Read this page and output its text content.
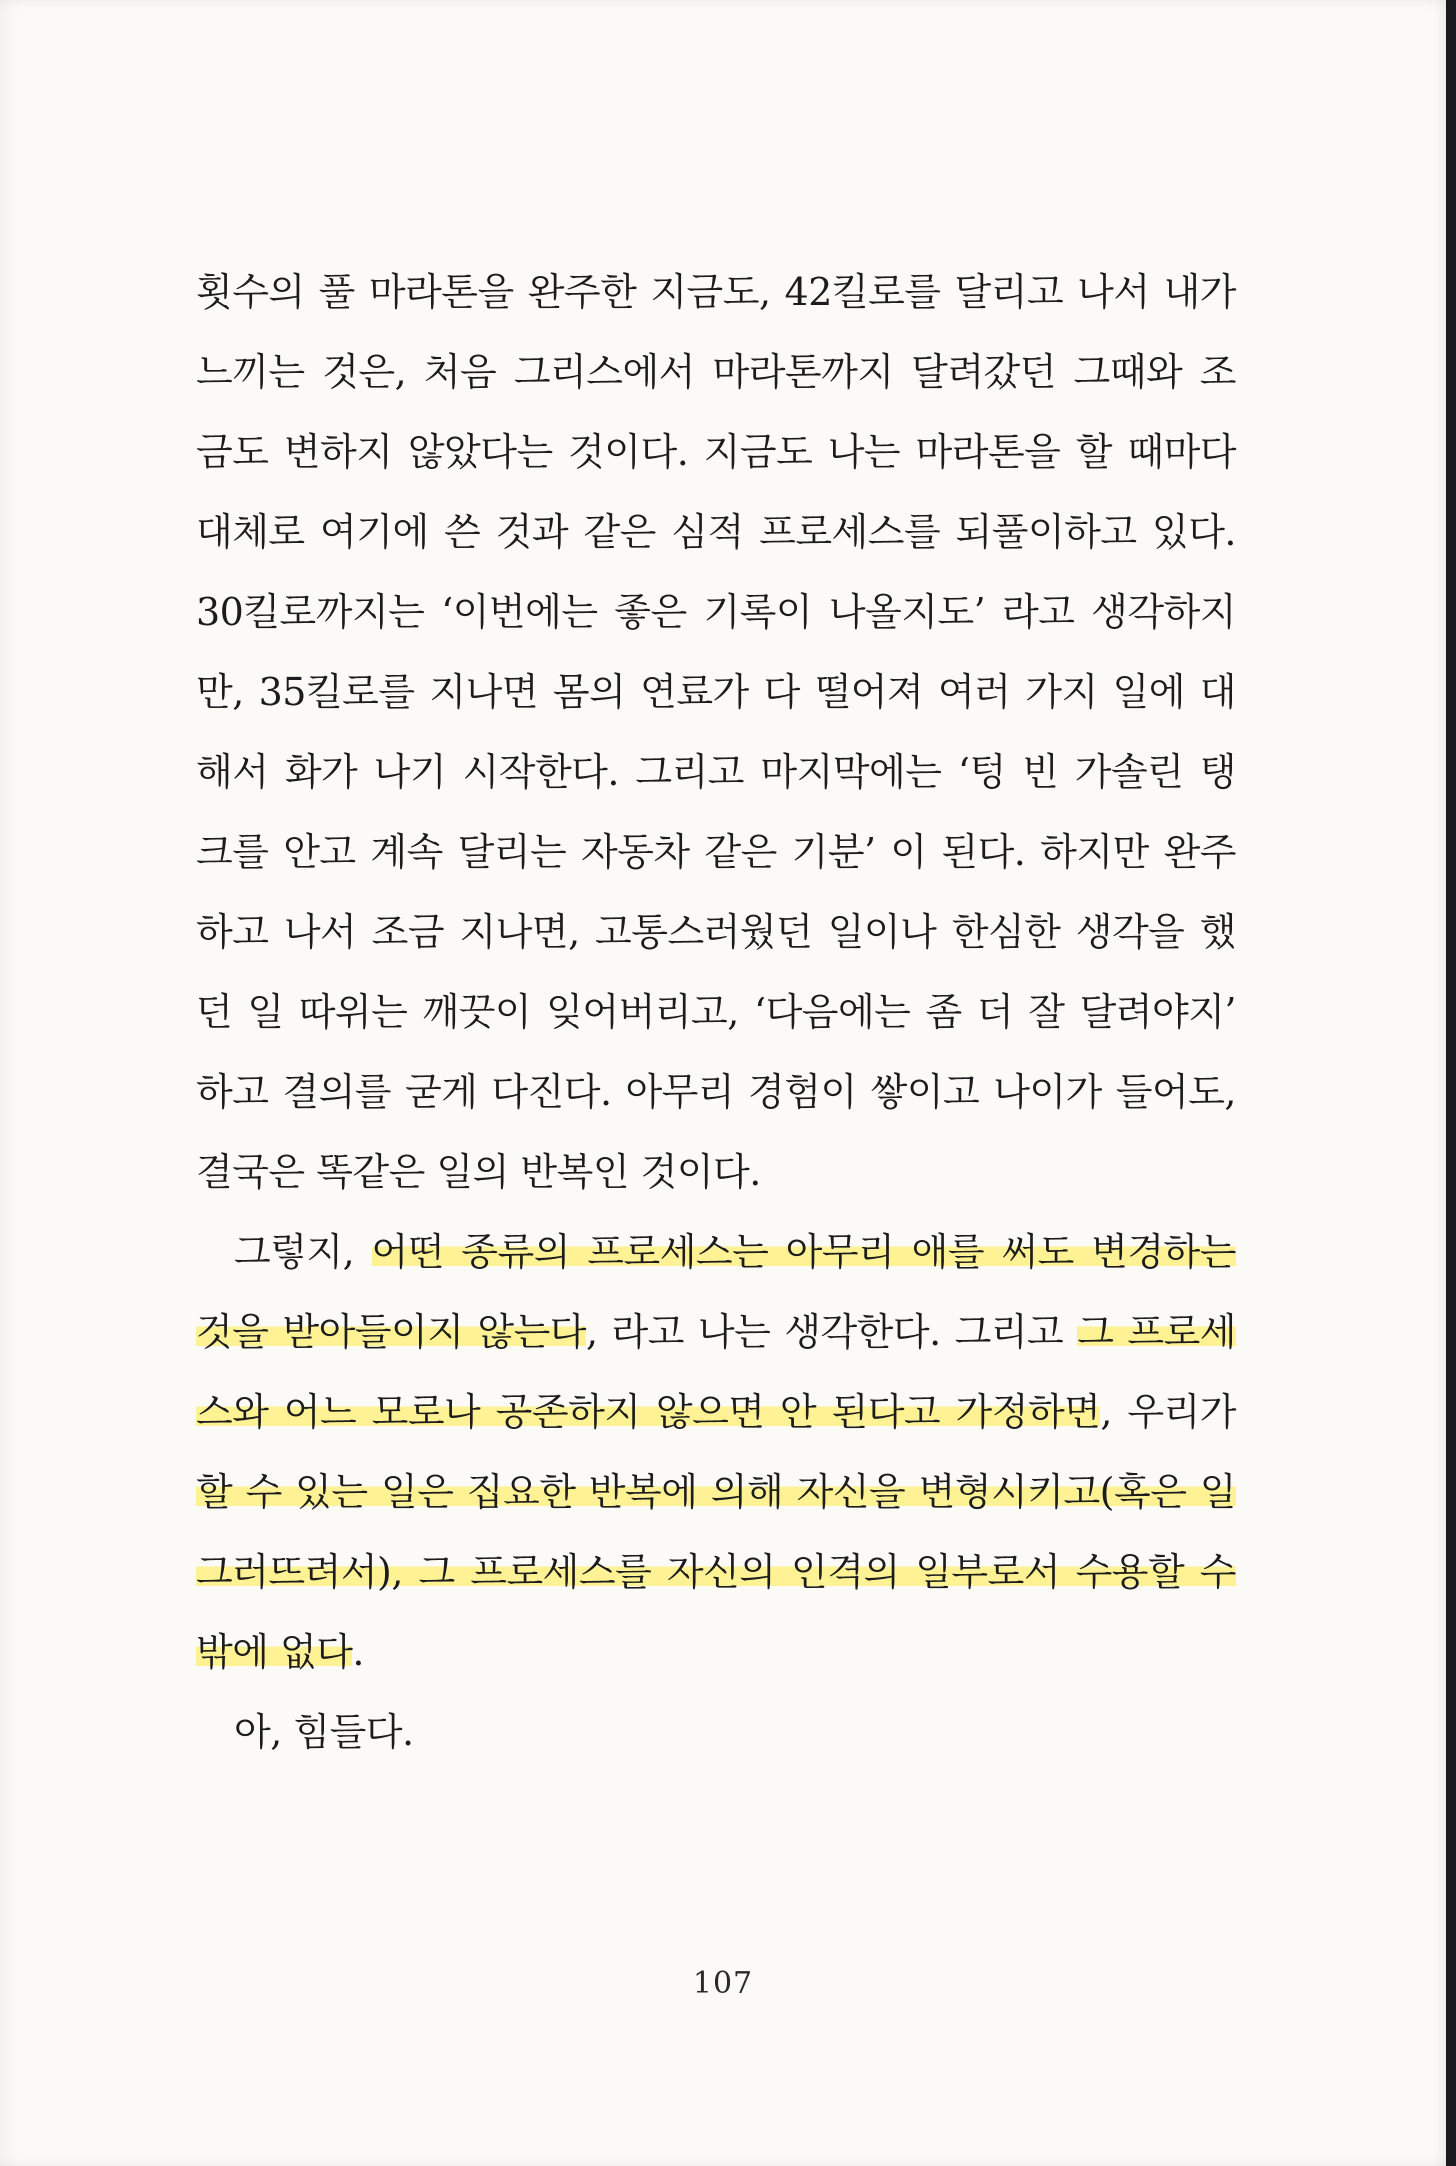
횟수의 풀 마라톤을 완주한 지금도, 42킬로를 달리고 나서 내가
느끼는 것은, 처음 그리스에서 마라톤까지 달려갔던 그때와 조
금도 변하지 않았다는 것이다. 지금도 나는 마라톤을 할 때마다
대체로 여기에 쓴 것과 같은 심적 프로세스를 되풀이하고 있다.
30킬로까지는 ‘이번에는 좋은 기록이 나올지도’ 라고 생각하지
만, 35킬로를 지나면 몸의 연료가 다 떨어져 여러 가지 일에 대
해서 화가 나기 시작한다. 그리고 마지막에는 ‘텅 빈 가솔린 탱
크를 안고 계속 달리는 자동차 같은 기분’ 이 된다. 하지만 완주
하고 나서 조금 지나면, 고통스러웠던 일이나 한심한 생각을 했
던 일 따위는 깨끗이 잊어버리고, ‘다음에는 좀 더 잘 달려야지’
하고 결의를 굳게 다진다. 아무리 경험이 쌓이고 나이가 들어도,
결국은 똑같은 일의 반복인 것이다.
그렇지, 어떤 종류의 프로세스는 아무리 애를 써도 변경하는
것을 받아들이지 않는다, 라고 나는 생각한다. 그리고 그 프로세
스와 어느 모로나 공존하지 않으면 안 된다고 가정하면, 우리가
할 수 있는 일은 집요한 반복에 의해 자신을 변형시키고(혹은 일
그러뜨려서), 그 프로세스를 자신의 인격의 일부로서 수용할 수
밖에 없다.
아, 힘들다.
107
